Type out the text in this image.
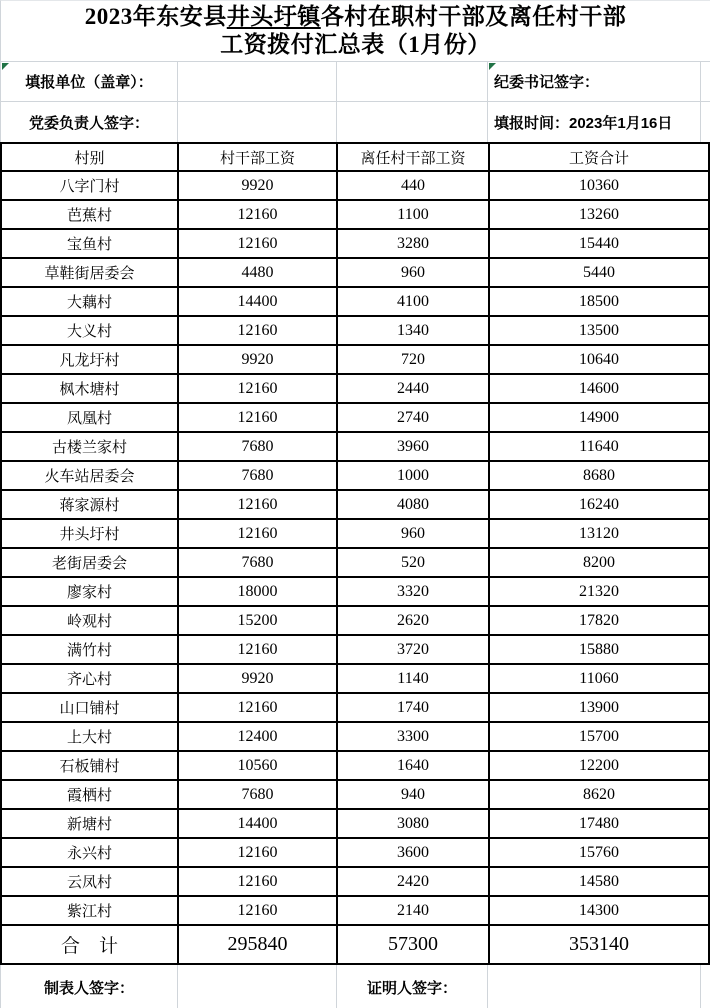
2023年东安县井头圩镇各村在职村干部及离任村干部
工资拨付汇总表（1月份）
填报单位（盖章）：	纪委书记签字：
党委负责人签字：	填报时间：2023年1月16日
村别	村干部工资	离任村干部工资	工资合计
八字门村	9920	440	10360
芭蕉村	12160	1100	13260
宝鱼村	12160	3280	15440
草鞋街居委会	4480	960	5440
大藕村	14400	4100	18500
大义村	12160	1340	13500
凡龙圩村	9920	720	10640
枫木塘村	12160	2440	14600
凤凰村	12160	2740	14900
古楼兰家村	7680	3960	11640
火车站居委会	7680	1000	8680
蒋家源村	12160	4080	16240
井头圩村	12160	960	13120
老街居委会	7680	520	8200
廖家村	18000	3320	21320
岭观村	15200	2620	17820
满竹村	12160	3720	15880
齐心村	9920	1140	11060
山口铺村	12160	1740	13900
上大村	12400	3300	15700
石板铺村	10560	1640	12200
霞栖村	7680	940	8620
新塘村	14400	3080	17480
永兴村	12160	3600	15760
云凤村	12160	2420	14580
紫江村	12160	2140	14300
合　计	295840	57300	353140
制表人签字：	证明人签字：
